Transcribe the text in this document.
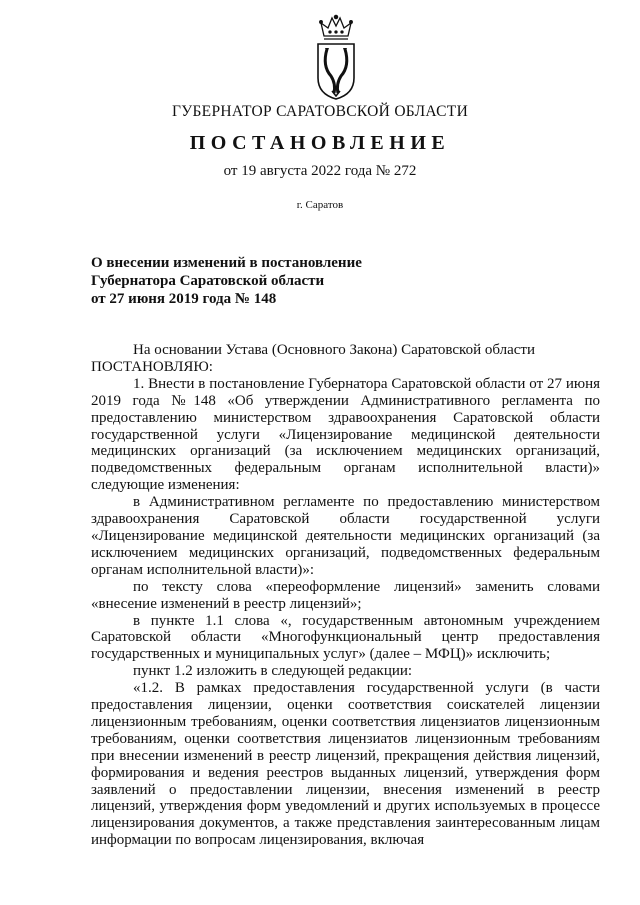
ГУБЕРНАТОР САРАТОВСКОЙ ОБЛАСТИ
ПОСТАНОВЛЕНИЕ
от 19 августа 2022 года № 272
г. Саратов
О внесении изменений в постановление
Губернатора Саратовской области
от 27 июня 2019 года № 148

На основании Устава (Основного Закона) Саратовской области

ПОСТАНОВЛЯЮ:

1. Внести в постановление Губернатора Саратовской области от 27 июня 2019 года №148 «Об утверждении Административного регламента по предоставлению министерством здравоохранения Саратовской области государственной услуги «Лицензирование медицинской деятельности медицинских организаций (за исключением медицинских организаций, подведомственных федеральным органам исполнительной власти)» следующие изменения:

в Административном регламенте по предоставлению министерством здравоохранения Саратовской области государственной услуги «Лицензирование медицинской деятельности медицинских организаций (за исключением медицинских организаций, подведомственных федеральным органам исполнительной власти)»:

по тексту слова «переоформление лицензий» заменить словами «внесение изменений в реестр лицензий»;

в пункте 1.1 слова «, государственным автономным учреждением Саратовской области «Многофункциональный центр предоставления государственных и муниципальных услуг» (далее – МФЦ)» исключить;

пункт 1.2 изложить в следующей редакции:

«1.2. В рамках предоставления государственной услуги (в части предоставления лицензии, оценки соответствия соискателей лицензии лицензионным требованиям, оценки соответствия лицензиатов лицензионным требованиям, оценки соответствия лицензиатов лицензионным требованиям при внесении изменений в реестр лицензий, прекращения действия лицензий, формирования и ведения реестров выданных лицензий, утверждения форм заявлений о предоставлении лицензии, внесения изменений в реестр лицензий, утверждения форм уведомлений и других используемых в процессе лицензирования документов, а также представления заинтересованным лицам информации по вопросам лицензирования, включая
